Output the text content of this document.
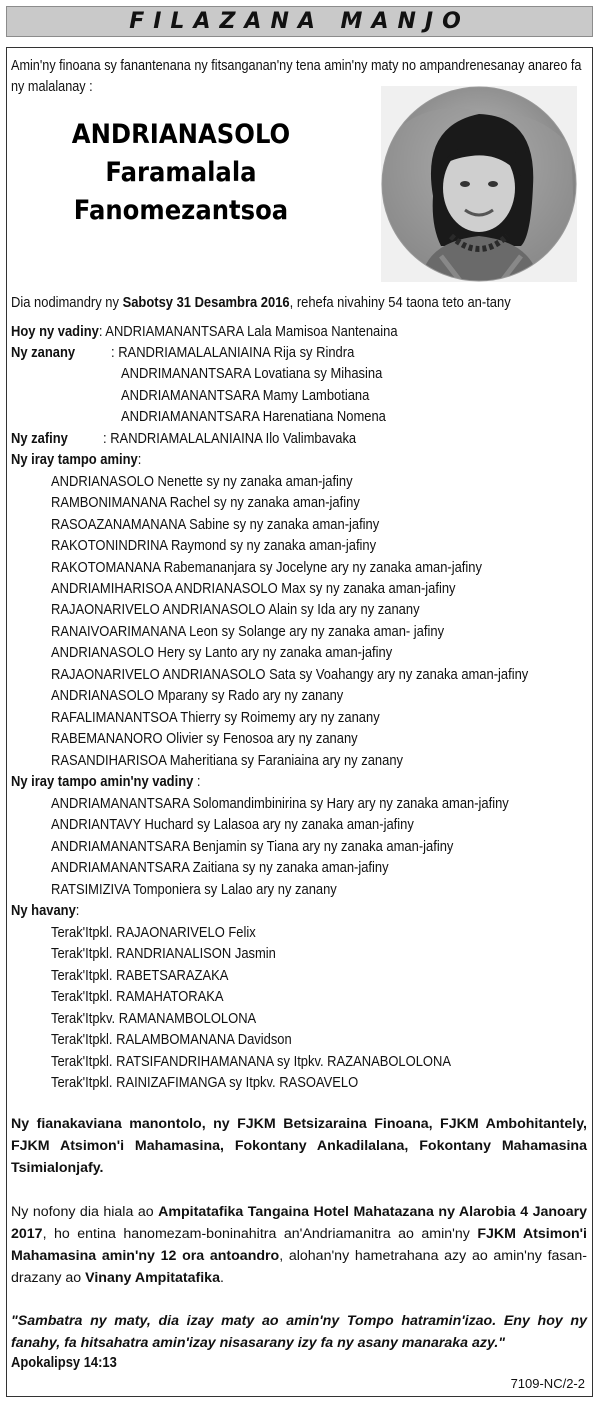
FILAZANA MANJO
Amin'ny finoana sy fanantenana ny fitsanganan'ny tena amin'ny maty no ampandrenesanay anareo fa ny malalanay :
ANDRIANASOLO
Faramalala
Fanomezantsoa
Dia nodimandry ny Sabotsy 31 Desambra 2016, rehefa nivahiny 54 taona teto an-tany
Hoy ny vadiny: ANDRIAMANANTSARA Lala Mamisoa Nantenaina
Ny zanany : RANDRIAMALALANIAINA Rija sy Rindra
ANDRIMANANTSARA Lovatiana sy Mihasina
ANDRIAMANANTSARA Mamy Lambotiana
ANDRIAMANANTSARA Harenatiana Nomena
Ny zafiny : RANDRIAMALALANIAINA Ilo Valimbavaka
Ny iray tampo aminy:
ANDRIANASOLO Nenette sy ny zanaka aman-jafiny
RAMBONIMANANA Rachel sy ny zanaka aman-jafiny
RASOAZANAMANANA Sabine sy ny zanaka aman-jafiny
RAKOTONINDRINA Raymond sy ny zanaka aman-jafiny
RAKOTOMANANA Rabemananjara sy Jocelyne ary ny zanaka aman-jafiny
ANDRIAMIHARISOA ANDRIANASOLO Max sy ny zanaka aman-jafiny
RAJAONARIVELO ANDRIANASOLO Alain sy Ida ary ny zanany
RANAIVOARIMANANA Leon sy Solange ary ny zanaka aman- jafiny
ANDRIANASOLO Hery sy Lanto ary ny zanaka aman-jafiny
RAJAONARIVELO ANDRIANASOLO Sata sy Voahangy ary ny zanaka aman-jafiny
ANDRIANASOLO Mparany sy Rado ary ny zanany
RAFALIMANANTSOA Thierry sy Roimemy ary ny zanany
RABEMANANORO Olivier sy Fenosoa ary ny zanany
RASANDIHARISOA Maheritiana sy Faraniaina ary ny zanany
Ny iray tampo amin'ny vadiny :
ANDRIAMANANTSARA Solomandimbinirina sy Hary ary ny zanaka aman-jafiny
ANDRIANTAVY Huchard sy Lalasoa ary ny zanaka aman-jafiny
ANDRIAMANANTSARA Benjamin sy Tiana ary ny zanaka aman-jafiny
ANDRIAMANANTSARA Zaitiana sy ny zanaka aman-jafiny
RATSIMIZIVA Tomponiera sy Lalao ary ny zanany
Ny havany:
Terak'Itpkl. RAJAONARIVELO Felix
Terak'Itpkl. RANDRIANALISON Jasmin
Terak'Itpkl. RABETSARAZAKA
Terak'Itpkl. RAMAHATORAKA
Terak'Itpkv. RAMANAMBOLOLONA
Terak'Itpkl. RALAMBOMANANA Davidson
Terak'Itpkl. RATSIFANDRIHAMANANA sy Itpkv. RAZANABOLOLONA
Terak'Itpkl. RAINIZAFIMANGA sy Itpkv. RASOAVELO
Ny fianakaviana manontolo, ny FJKM Betsizaraina Finoana, FJKM Ambohitantely, FJKM Atsimon'i Mahamasina, Fokontany Ankadilalana, Fokontany Mahamasina Tsimialonjafy.
Ny nofony dia hiala ao Ampitatafika Tangaina Hotel Mahatazana ny Alarobia 4 Janoary 2017, ho entina hanomezam-boninahitra an'Andriamanitra ao amin'ny FJKM Atsimon'i Mahamasina amin'ny 12 ora antoandro, alohan'ny hametrahana azy ao amin'ny fasan-drazany ao Vinany Ampitatafika.
"Sambatra ny maty, dia izay maty ao amin'ny Tompo hatramin'izao. Eny hoy ny fanahy, fa hitsahatra amin'izay nisasarany izy fa ny asany manaraka azy."
Apokalipsy 14:13
7109-NC/2-2
